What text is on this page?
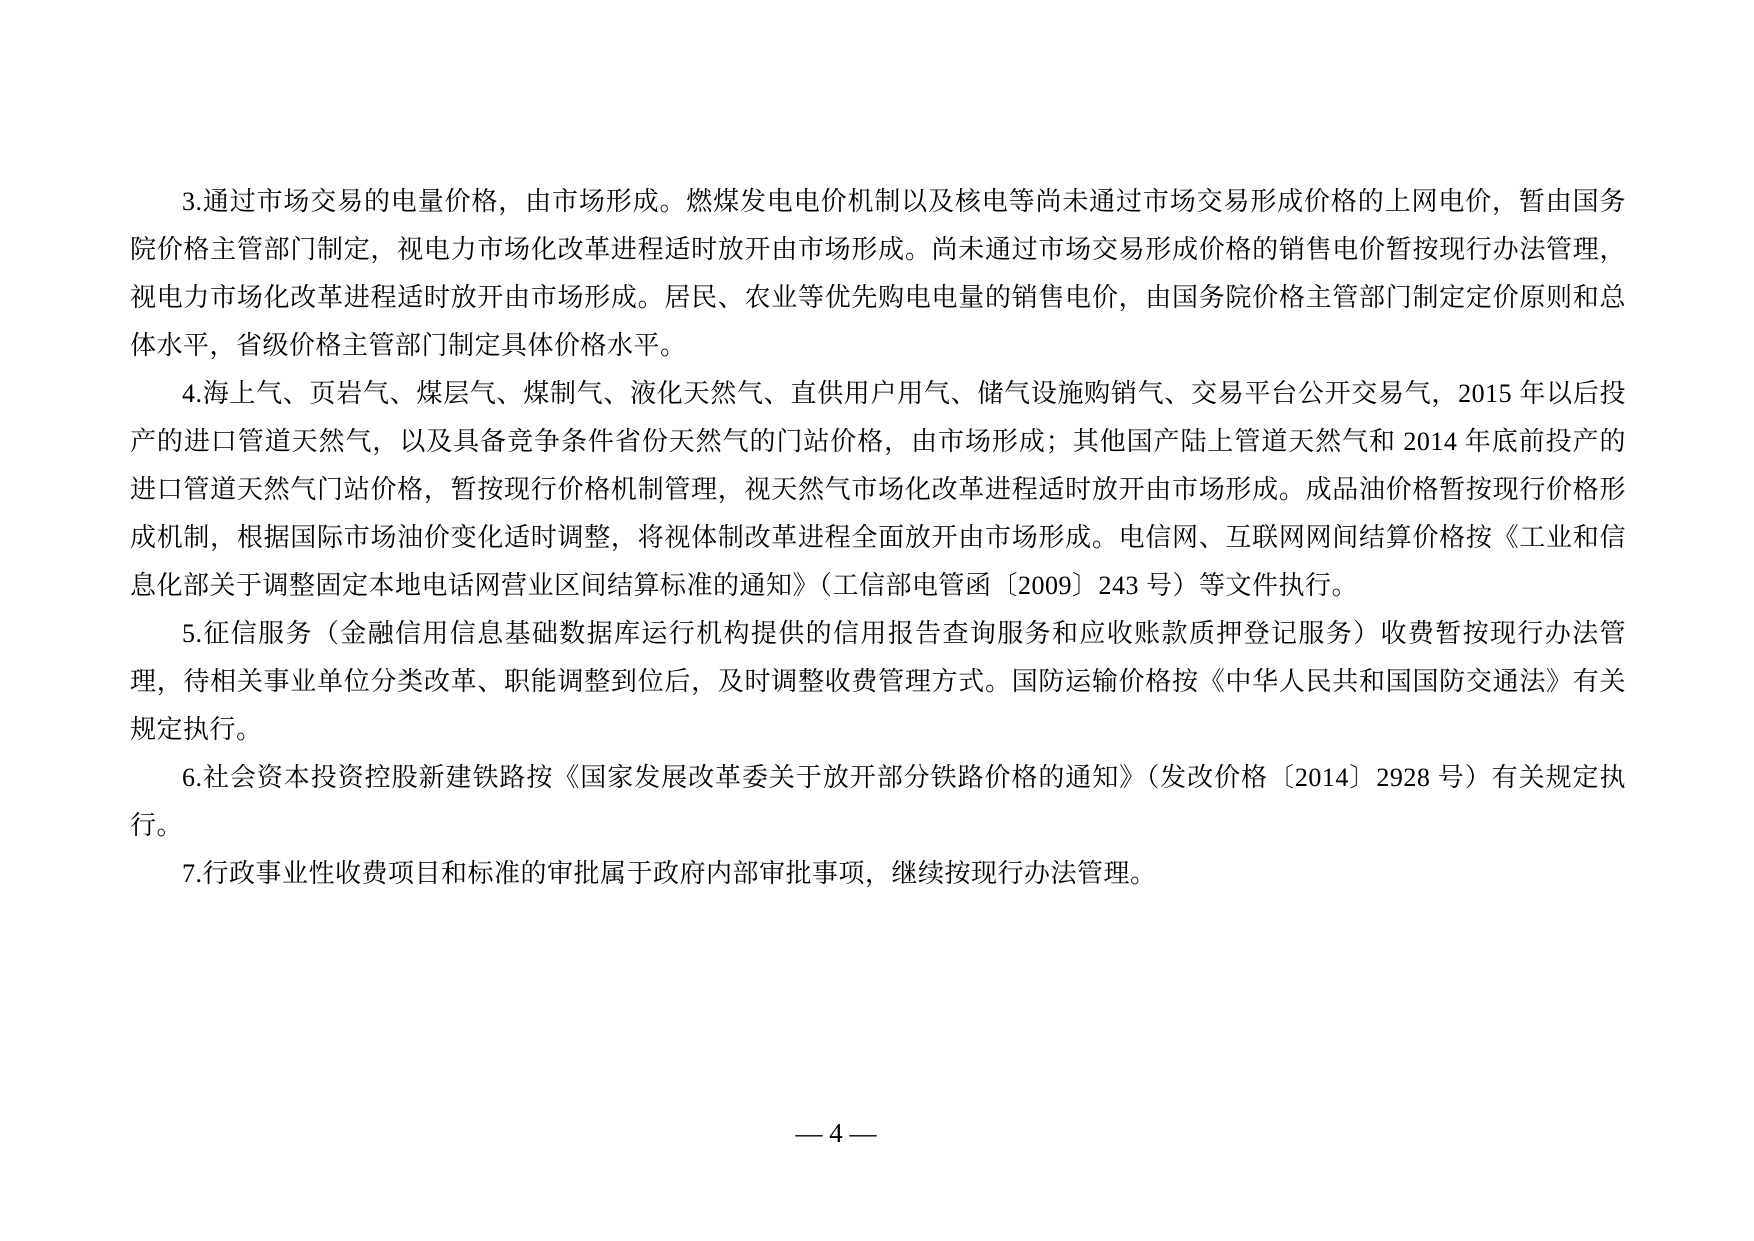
3.通过市场交易的电量价格，由市场形成。燃煤发电电价机制以及核电等尚未通过市场交易形成价格的上网电价，暂由国务院价格主管部门制定，视电力市场化改革进程适时放开由市场形成。尚未通过市场交易形成价格的销售电价暂按现行办法管理，视电力市场化改革进程适时放开由市场形成。居民、农业等优先购电电量的销售电价，由国务院价格主管部门制定定价原则和总体水平，省级价格主管部门制定具体价格水平。

4.海上气、页岩气、煤层气、煤制气、液化天然气、直供用户用气、储气设施购销气、交易平台公开交易气，2015 年以后投产的进口管道天然气，以及具备竞争条件省份天然气的门站价格，由市场形成；其他国产陆上管道天然气和 2014 年底前投产的进口管道天然气门站价格，暂按现行价格机制管理，视天然气市场化改革进程适时放开由市场形成。成品油价格暂按现行价格形成机制，根据国际市场油价变化适时调整，将视体制改革进程全面放开由市场形成。电信网、互联网网间结算价格按《工业和信息化部关于调整固定本地电话网营业区间结算标准的通知》（工信部电管函〔2009〕243 号）等文件执行。

5.征信服务（金融信用信息基础数据库运行机构提供的信用报告查询服务和应收账款质押登记服务）收费暂按现行办法管理，待相关事业单位分类改革、职能调整到位后，及时调整收费管理方式。国防运输价格按《中华人民共和国国防交通法》有关规定执行。

6.社会资本投资控股新建铁路按《国家发展改革委关于放开部分铁路价格的通知》（发改价格〔2014〕2928 号）有关规定执行。

7.行政事业性收费项目和标准的审批属于政府内部审批事项，继续按现行办法管理。

— 4 —
